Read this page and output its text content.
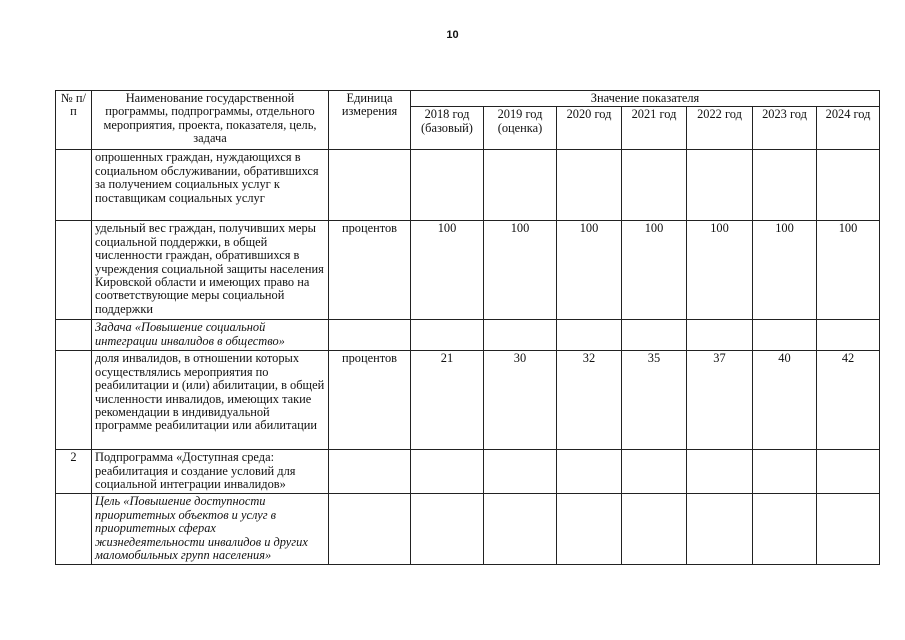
10
№ п/п	Наименование государственной программы, подпрограммы, отдельного мероприятия, проекта, показателя, цель, задача	Единица измерения	Значение показателя						
			2018 год (базовый)	2019 год (оценка)	2020 год	2021 год	2022 год	2023 год	2024 год
	опрошенных граждан, нуждающихся в социальном обслуживании, обратившихся за получением социальных услуг к поставщикам социальных услуг								
	удельный вес граждан, получивших меры социальной поддержки, в общей численности граждан, обратившихся в учреждения социальной защиты населения Кировской области и имеющих право на соответствующие меры социальной поддержки	процентов	100	100	100	100	100	100	100
	Задача «Повышение социальной интеграции инвалидов в общество»								
	доля инвалидов, в отношении которых осуществлялись мероприятия по реабилитации и (или) абилитации, в общей численности инвалидов, имеющих такие рекомендации в индивидуальной программе реабилитации или абилитации	процентов	21	30	32	35	37	40	42
2	Подпрограмма «Доступная среда: реабилитация и создание условий для социальной интеграции инвалидов»								
	Цель «Повышение доступности приоритетных объектов и услуг в приоритетных сферах жизнедеятельности инвалидов и других маломобильных групп населения»								
